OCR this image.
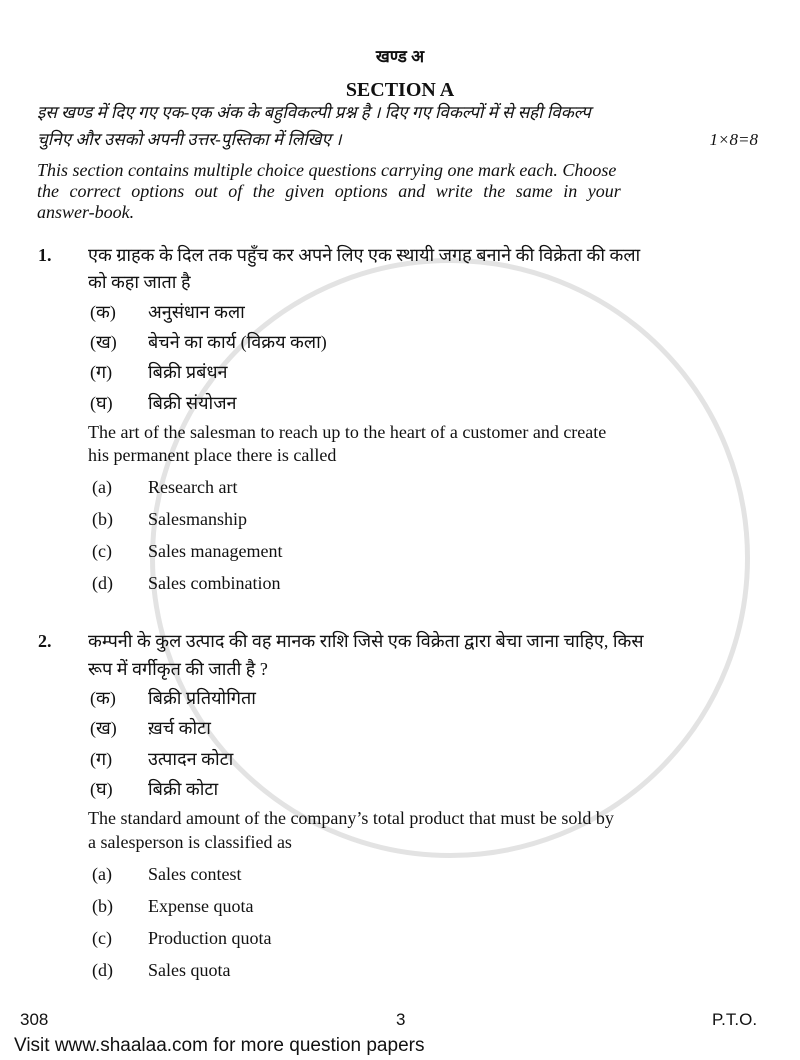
खण्ड अ
SECTION A
इस खण्ड में दिए गए एक-एक अंक के बहुविकल्पी प्रश्न है । दिए गए विकल्पों में से सही विकल्प
चुनिए और उसको अपनी उत्तर-पुस्तिका में लिखिए ।	1×8=8
This section contains multiple choice questions carrying one mark each. Choose
the correct options out of the given options and write the same in your
answer-book.
1. एक ग्राहक के दिल तक पहुँच कर अपने लिए एक स्थायी जगह बनाने की विक्रेता की कला
को कहा जाता है
(क) अनुसंधान कला
(ख) बेचने का कार्य (विक्रय कला)
(ग) बिक्री प्रबंधन
(घ) बिक्री संयोजन
The art of the salesman to reach up to the heart of a customer and create
his permanent place there is called
(a) Research art
(b) Salesmanship
(c) Sales management
(d) Sales combination
2. कम्पनी के कुल उत्पाद की वह मानक राशि जिसे एक विक्रेता द्वारा बेचा जाना चाहिए, किस
रूप में वर्गीकृत की जाती है ?
(क) बिक्री प्रतियोगिता
(ख) ख़र्च कोटा
(ग) उत्पादन कोटा
(घ) बिक्री कोटा
The standard amount of the company’s total product that must be sold by
a salesperson is classified as
(a) Sales contest
(b) Expense quota
(c) Production quota
(d) Sales quota
308	3	P.T.O.
Visit www.shaalaa.com for more question papers
